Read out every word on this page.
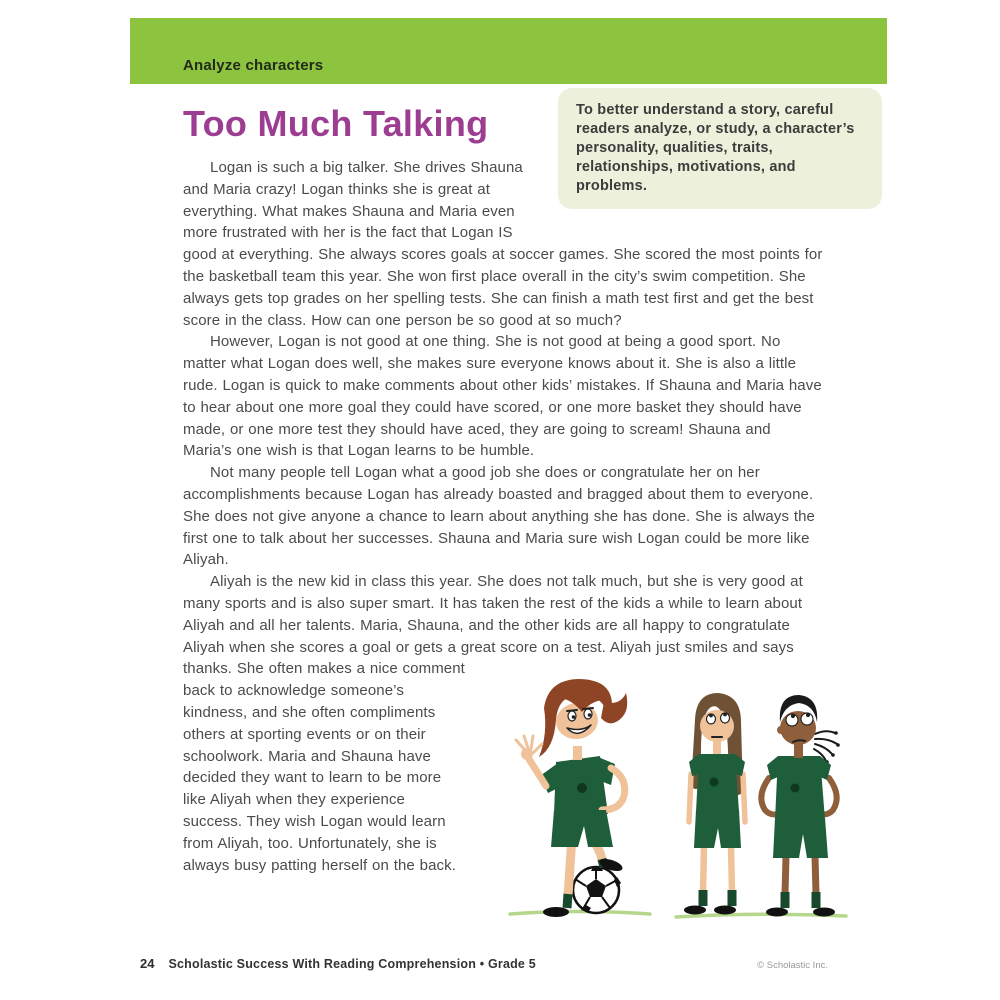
Analyze characters

To better understand a story, careful readers analyze, or study, a character’s personality, qualities, traits, relationships, motivations, and problems.
Too Much Talking

Logan is such a big talker. She drives Shauna and Maria crazy! Logan thinks she is great at everything. What makes Shauna and Maria even more frustrated with her is the fact that Logan IS good at everything. She always scores goals at soccer games. She scored the most points for the basketball team this year. She won first place overall in the city’s swim competition. She always gets top grades on her spelling tests. She can finish a math test first and get the best score in the class. How can one person be so good at so much?

However, Logan is not good at one thing. She is not good at being a good sport. No matter what Logan does well, she makes sure everyone knows about it. She is also a little rude. Logan is quick to make comments about other kids’ mistakes. If Shauna and Maria have to hear about one more goal they could have scored, or one more basket they should have made, or one more test they should have aced, they are going to scream! Shauna and Maria’s one wish is that Logan learns to be humble.

Not many people tell Logan what a good job she does or congratulate her on her accomplishments because Logan has already boasted and bragged about them to everyone. She does not give anyone a chance to learn about anything she has done. She is always the first one to talk about her successes. Shauna and Maria sure wish Logan could be more like Aliyah.

Aliyah is the new kid in class this year. She does not talk much, but she is very good at many sports and is also super smart. It has taken the rest of the kids a while to learn about Aliyah and all her talents. Maria, Shauna, and the other kids are all happy to congratulate Aliyah when she scores a goal or gets a great score on a test. Aliyah just smiles and says
thanks. She often makes a nice comment back to acknowledge someone’s kindness, and she often compliments others at sporting events or on their schoolwork. Maria and Shauna have decided they want to learn to be more like Aliyah when they experience success. They wish Logan would learn from Aliyah, too. Unfortunately, she is always busy patting herself on the back.

24 Scholastic Success With Reading Comprehension • Grade 5	© Scholastic Inc.
